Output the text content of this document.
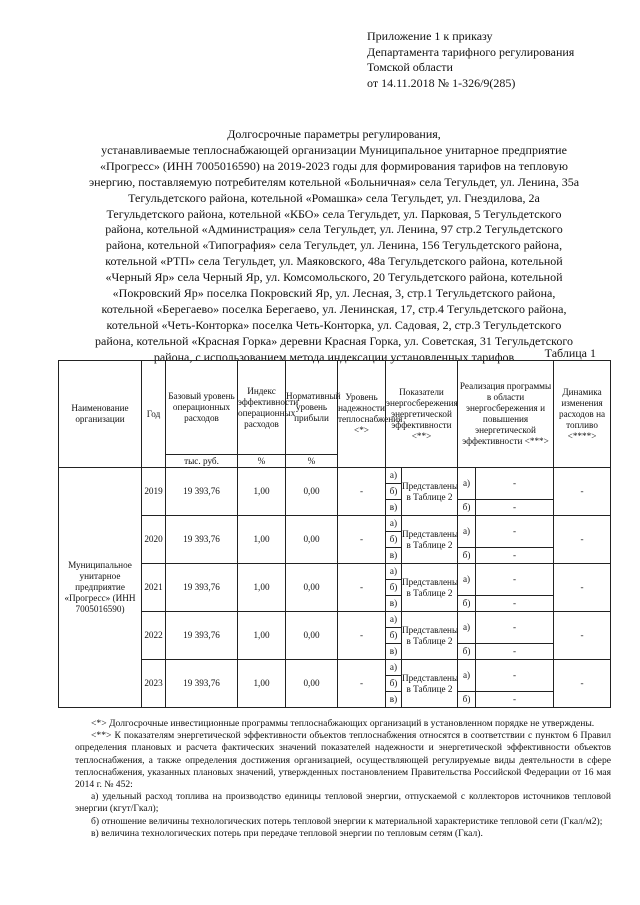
Приложение 1 к приказу
Департамента тарифного регулирования
Томской области
от 14.11.2018 № 1-326/9(285)
Долгосрочные параметры регулирования,
устанавливаемые теплоснабжающей организации Муниципальное унитарное предприятие
«Прогресс» (ИНН 7005016590) на 2019-2023 годы для формирования тарифов на тепловую
энергию, поставляемую потребителям котельной «Больничная» села Тегульдет, ул. Ленина, 35а
Тегульдетского района, котельной «Ромашка» села Тегульдет, ул. Гнездилова, 2а
Тегульдетского района, котельной «КБО» села Тегульдет, ул. Парковая, 5 Тегульдетского
района, котельной «Администрация» села Тегульдет, ул. Ленина, 97 стр.2 Тегульдетского
района, котельной «Типография» села Тегульдет, ул. Ленина, 156 Тегульдетского района,
котельной «РТП» села Тегульдет, ул. Маяковского, 48а Тегульдетского района, котельной
«Черный Яр» села Черный Яр, ул. Комсомольского, 20 Тегульдетского района, котельной
«Покровский Яр» поселка Покровский Яр, ул. Лесная, 3, стр.1 Тегульдетского района,
котельной «Берегаево» поселка Берегаево, ул. Ленинская, 17, стр.4 Тегульдетского района,
котельной «Четь-Конторка» поселка Четь-Конторка, ул. Садовая, 2, стр.3 Тегульдетского
района, котельной «Красная Горка» деревни Красная Горка, ул. Советская, 31 Тегульдетского
района, с использованием метода индексации установленных тарифов	Таблица 1
Наименование организации	Год	Базовый уровень операционных расходов	Индекс эффективности операционных расходов	Нормативный уровень прибыли	Уровень надежности теплоснабжения <*>	Показатели энергосбережения энергетической эффективности <**>		Реализация программы в области энергосбережения и повышения энергетической эффективности <***>		Динамика изменения расходов на топливо <****>
		тыс. руб.	%	%						
Муниципальное унитарное предприятие «Прогресс» (ИНН 7005016590)	2019	19 393,76	1,00	0,00	-	а)	Представлены в Таблице 2	а)	-	-
						б)				
						в)		б)	-	
	2020	19 393,76	1,00	0,00	-	а)	Представлены в Таблице 2	а)	-	-
						б)				
						в)		б)	-	
	2021	19 393,76	1,00	0,00	-	а)	Представлены в Таблице 2	а)	-	-
						б)				
						в)		б)	-	
	2022	19 393,76	1,00	0,00	-	а)	Представлены в Таблице 2	а)	-	-
						б)				
						в)		б)	-	
	2023	19 393,76	1,00	0,00	-	а)	Представлены в Таблице 2	а)	-	-
						б)				
						в)		б)	-	

<*> Долгосрочные инвестиционные программы теплоснабжающих организаций в установленном порядке не утверждены.

<**> К показателям энергетической эффективности объектов теплоснабжения относятся в соответствии с пунктом 6 Правил определения плановых и расчета фактических значений показателей надежности и энергетической эффективности объектов теплоснабжения, а также определения достижения организацией, осуществляющей регулируемые виды деятельности в сфере теплоснабжения, указанных плановых значений, утвержденных постановлением Правительства Российской Федерации от 16 мая 2014 г. № 452:

а) удельный расход топлива на производство единицы тепловой энергии, отпускаемой с коллекторов источников тепловой энергии (кгут/Гкал);

б) отношение величины технологических потерь тепловой энергии к материальной характеристике тепловой сети (Гкал/м2);

в) величина технологических потерь при передаче тепловой энергии по тепловым сетям (Гкал).
